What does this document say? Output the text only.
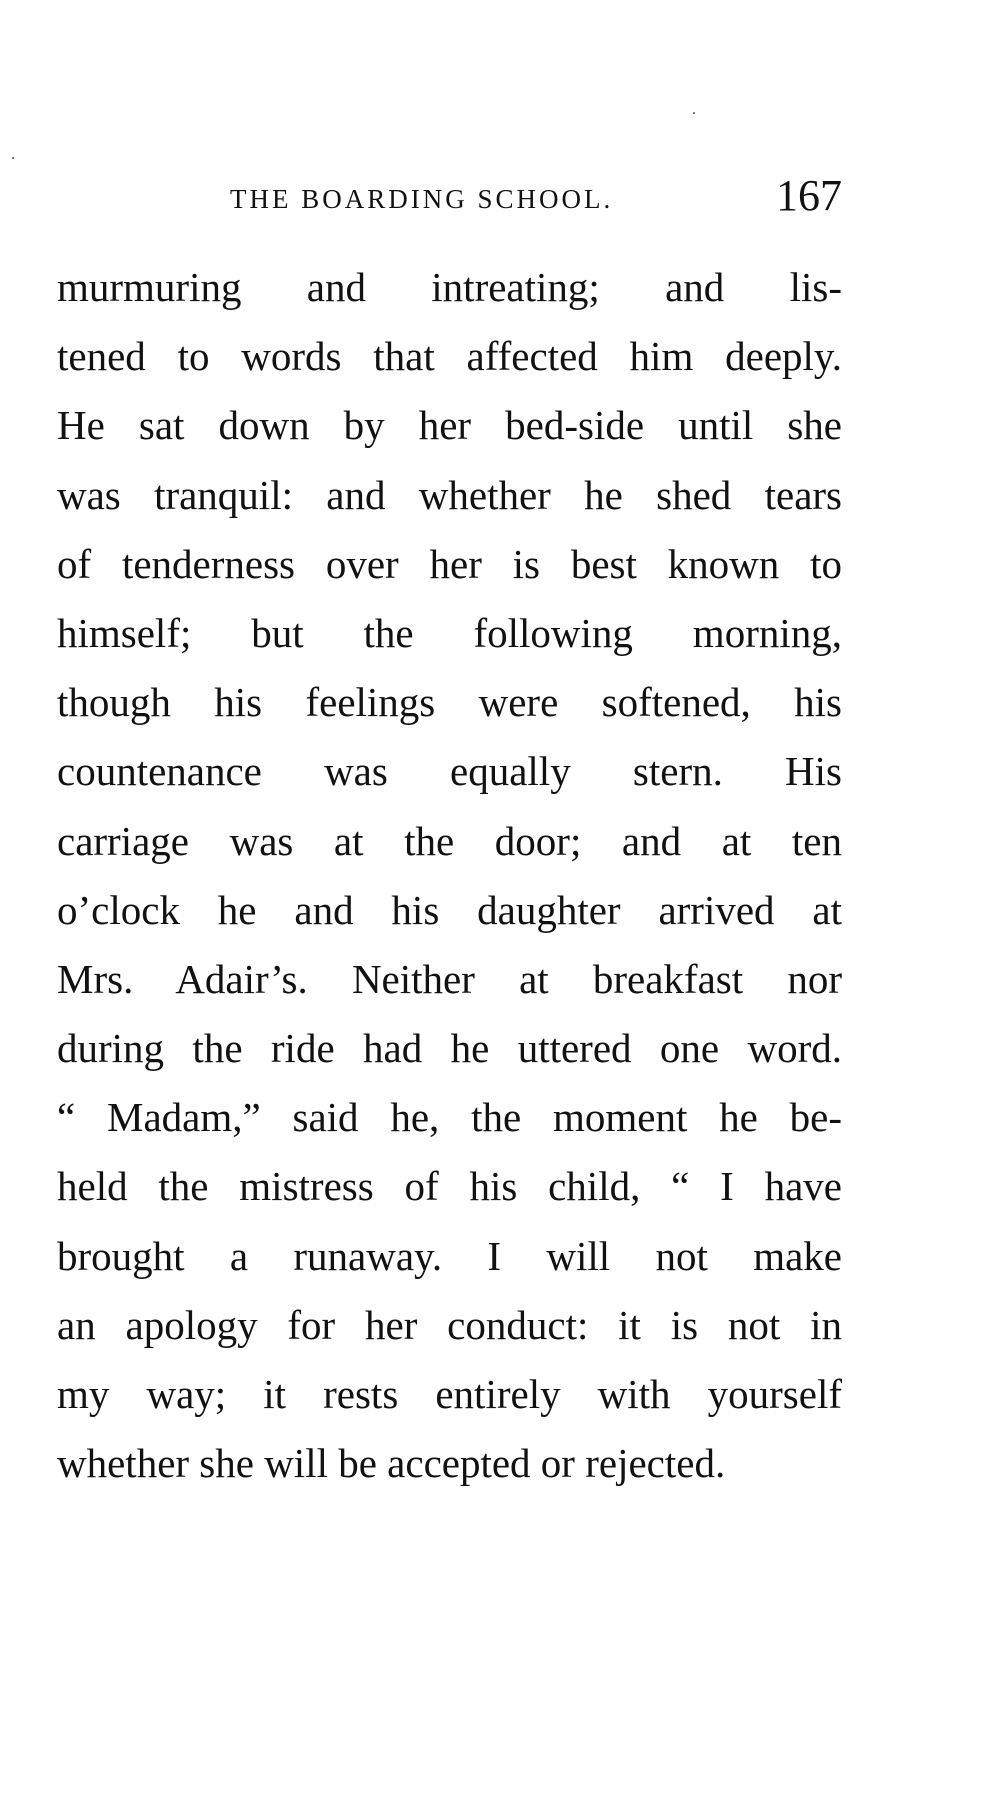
THE BOARDING SCHOOL.	167
murmuring and intreating; and lis-
tened to words that affected him deeply.
He sat down by her bed-side until she
was tranquil: and whether he shed tears
of tenderness over her is best known to
himself; but the following morning,
though his feelings were softened, his
countenance was equally stern. His
carriage was at the door; and at ten
o’clock he and his daughter arrived at
Mrs. Adair’s. Neither at breakfast nor
during the ride had he uttered one word.
“ Madam,” said he, the moment he be-
held the mistress of his child, “ I have
brought a runaway. I will not make
an apology for her conduct: it is not in
my way; it rests entirely with yourself
whether she will be accepted or rejected.
